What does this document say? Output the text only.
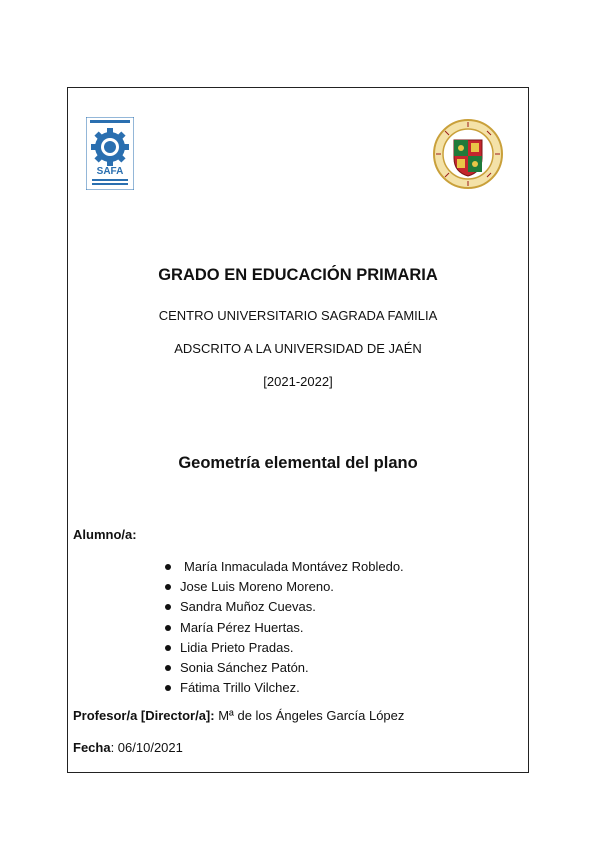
SAFA
GRADO EN EDUCACIÓN PRIMARIA
CENTRO UNIVERSITARIO SAGRADA FAMILIA
ADSCRITO A LA UNIVERSIDAD DE JAÉN
[2021-2022]
Geometría elemental del plano
Alumno/a:
María Inmaculada Montávez Robledo.
Jose Luis Moreno Moreno.
Sandra Muñoz Cuevas.
María Pérez Huertas.
Lidia Prieto Pradas.
Sonia Sánchez Patón.
Fátima Trillo Vilchez.
Profesor/a [Director/a]: Mª de los Ángeles García López
Fecha: 06/10/2021
